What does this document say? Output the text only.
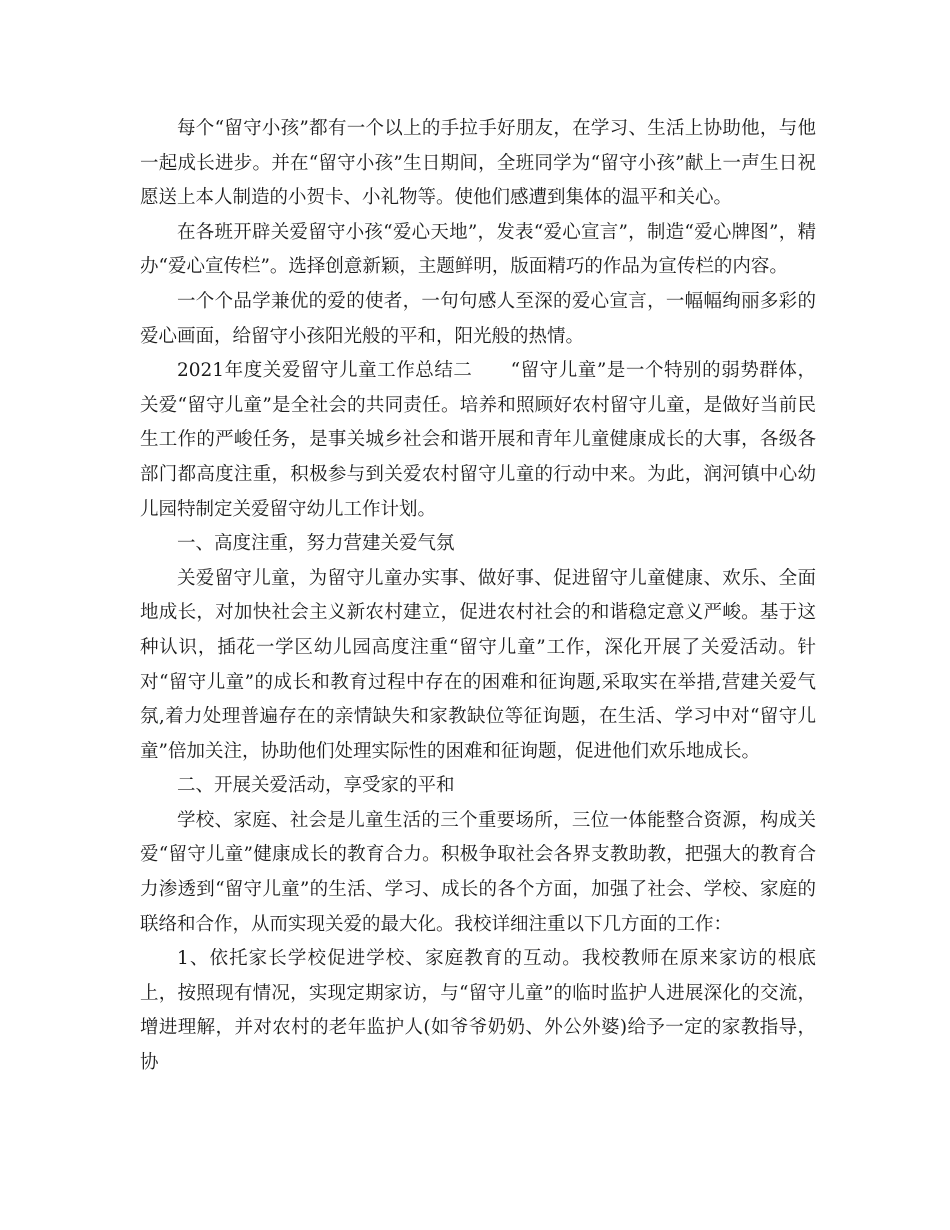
每个“留守小孩”都有一个以上的手拉手好朋友，在学习、生活上协助他，与他一起成长进步。并在“留守小孩”生日期间，全班同学为“留守小孩”献上一声生日祝愿送上本人制造的小贺卡、小礼物等。使他们感遭到集体的温平和关心。

在各班开辟关爱留守小孩“爱心天地”，发表“爱心宣言”，制造“爱心牌图”，精办“爱心宣传栏”。选择创意新颖，主题鲜明，版面精巧的作品为宣传栏的内容。

一个个品学兼优的爱的使者，一句句感人至深的爱心宣言，一幅幅绚丽多彩的爱心画面，给留守小孩阳光般的平和，阳光般的热情。

2021年度关爱留守儿童工作总结二　　“留守儿童”是一个特别的弱势群体，关爱“留守儿童”是全社会的共同责任。培养和照顾好农村留守儿童，是做好当前民生工作的严峻任务，是事关城乡社会和谐开展和青年儿童健康成长的大事，各级各部门都高度注重，积极参与到关爱农村留守儿童的行动中来。为此，润河镇中心幼儿园特制定关爱留守幼儿工作计划。

一、高度注重，努力营建关爱气氛

关爱留守儿童，为留守儿童办实事、做好事、促进留守儿童健康、欢乐、全面地成长，对加快社会主义新农村建立，促进农村社会的和谐稳定意义严峻。基于这种认识，插花一学区幼儿园高度注重“留守儿童”工作，深化开展了关爱活动。针对“留守儿童”的成长和教育过程中存在的困难和征询题,采取实在举措,营建关爱气氛,着力处理普遍存在的亲情缺失和家教缺位等征询题，在生活、学习中对“留守儿童”倍加关注，协助他们处理实际性的困难和征询题，促进他们欢乐地成长。

二、开展关爱活动，享受家的平和

学校、家庭、社会是儿童生活的三个重要场所，三位一体能整合资源，构成关爱“留守儿童”健康成长的教育合力。积极争取社会各界支教助教，把强大的教育合力渗透到“留守儿童”的生活、学习、成长的各个方面，加强了社会、学校、家庭的联络和合作，从而实现关爱的最大化。我校详细注重以下几方面的工作：

1、依托家长学校促进学校、家庭教育的互动。我校教师在原来家访的根底上，按照现有情况，实现定期家访，与“留守儿童”的临时监护人进展深化的交流，增进理解，并对农村的老年监护人(如爷爷奶奶、外公外婆)给予一定的家教指导，协
